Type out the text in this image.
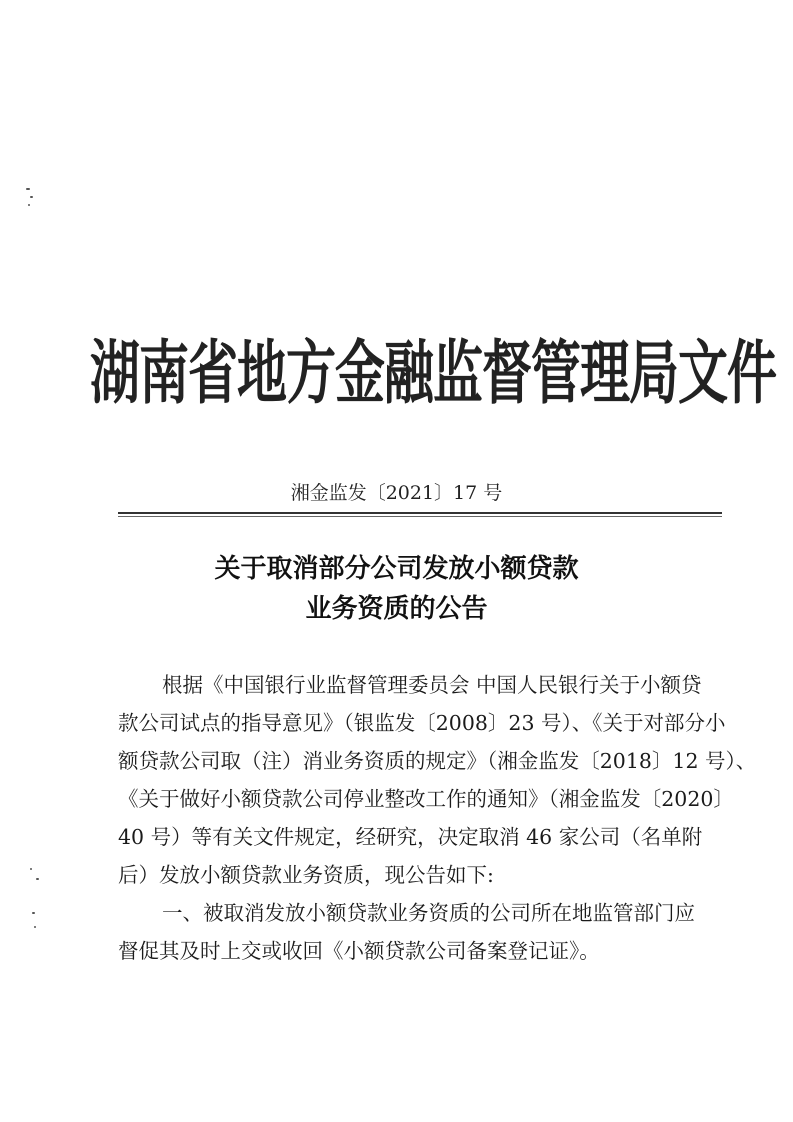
湖南省地方金融监督管理局文件
湘金监发〔2021〕17 号
关于取消部分公司发放小额贷款
业务资质的公告
根据《中国银行业监督管理委员会 中国人民银行关于小额贷
款公司试点的指导意见》（银监发〔2008〕23 号）、《关于对部分小
额贷款公司取（注）消业务资质的规定》（湘金监发〔2018〕12 号）、
《关于做好小额贷款公司停业整改工作的通知》（湘金监发〔2020〕
40 号）等有关文件规定，经研究，决定取消 46 家公司（名单附
后）发放小额贷款业务资质，现公告如下:
一、被取消发放小额贷款业务资质的公司所在地监管部门应
督促其及时上交或收回《小额贷款公司备案登记证》。
